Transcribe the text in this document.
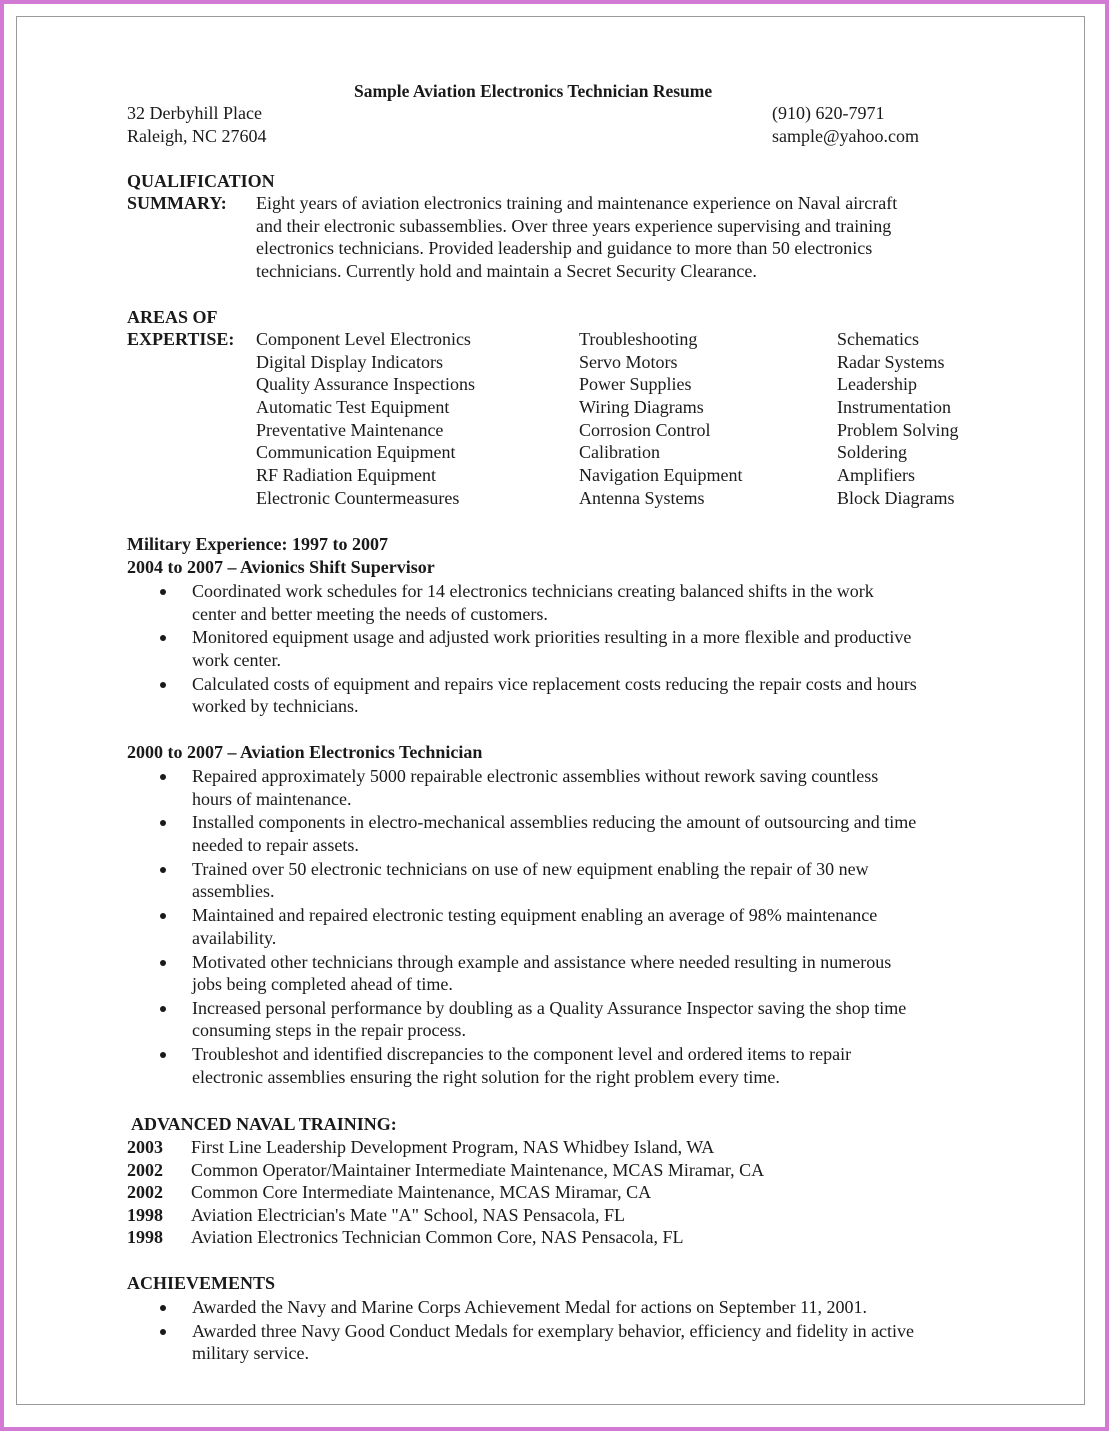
Sample Aviation Electronics Technician Resume
32 Derbyhill Place
Raleigh, NC 27604
(910) 620-7971
sample@yahoo.com
QUALIFICATION
SUMMARY: Eight years of aviation electronics training and maintenance experience on Naval aircraft
and their electronic subassemblies. Over three years experience supervising and training
electronics technicians. Provided leadership and guidance to more than 50 electronics
technicians. Currently hold and maintain a Secret Security Clearance.
AREAS OF
EXPERTISE: Component Level Electronics
Digital Display Indicators
Quality Assurance Inspections
Automatic Test Equipment
Preventative Maintenance
Communication Equipment
RF Radiation Equipment
Electronic Countermeasures
Troubleshooting
Servo Motors
Power Supplies
Wiring Diagrams
Corrosion Control
Calibration
Navigation Equipment
Antenna Systems
Schematics
Radar Systems
Leadership
Instrumentation
Problem Solving
Soldering
Amplifiers
Block Diagrams
Military Experience: 1997 to 2007
2004 to 2007 – Avionics Shift Supervisor
Coordinated work schedules for 14 electronics technicians creating balanced shifts in the work
center and better meeting the needs of customers.
Monitored equipment usage and adjusted work priorities resulting in a more flexible and productive
work center.
Calculated costs of equipment and repairs vice replacement costs reducing the repair costs and hours
worked by technicians.
2000 to 2007 – Aviation Electronics Technician
Repaired approximately 5000 repairable electronic assemblies without rework saving countless
hours of maintenance.
Installed components in electro-mechanical assemblies reducing the amount of outsourcing and time
needed to repair assets.
Trained over 50 electronic technicians on use of new equipment enabling the repair of 30 new
assemblies.
Maintained and repaired electronic testing equipment enabling an average of 98% maintenance
availability.
Motivated other technicians through example and assistance where needed resulting in numerous
jobs being completed ahead of time.
Increased personal performance by doubling as a Quality Assurance Inspector saving the shop time
consuming steps in the repair process.
Troubleshot and identified discrepancies to the component level and ordered items to repair
electronic assemblies ensuring the right solution for the right problem every time.
ADVANCED NAVAL TRAINING:
2003 First Line Leadership Development Program, NAS Whidbey Island, WA
2002 Common Operator/Maintainer Intermediate Maintenance, MCAS Miramar, CA
2002 Common Core Intermediate Maintenance, MCAS Miramar, CA
1998 Aviation Electrician's Mate "A" School, NAS Pensacola, FL
1998 Aviation Electronics Technician Common Core, NAS Pensacola, FL
ACHIEVEMENTS
Awarded the Navy and Marine Corps Achievement Medal for actions on September 11, 2001.
Awarded three Navy Good Conduct Medals for exemplary behavior, efficiency and fidelity in active
military service.
